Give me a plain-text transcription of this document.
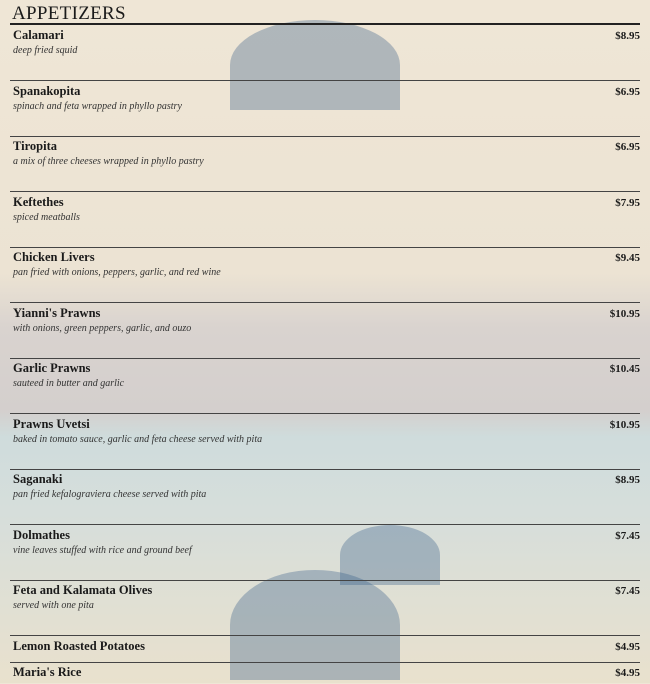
APPETIZERS
Calamari
deep fried squid
$8.95
Spanakopita
spinach and feta wrapped in phyllo pastry
$6.95
Tiropita
a mix of three cheeses wrapped in phyllo pastry
$6.95
Keftethes
spiced meatballs
$7.95
Chicken Livers
pan fried with onions, peppers, garlic, and red wine
$9.45
Yianni's Prawns
with onions, green peppers, garlic, and ouzo
$10.95
Garlic Prawns
sauteed in butter and garlic
$10.45
Prawns Uvetsi
baked in tomato sauce, garlic and feta cheese served with pita
$10.95
Saganaki
pan fried kefalograviera cheese served with pita
$8.95
Dolmathes
vine leaves stuffed with rice and ground beef
$7.45
Feta and Kalamata Olives
served with one pita
$7.45
Lemon Roasted Potatoes	$4.95
Maria's Rice	$4.95
